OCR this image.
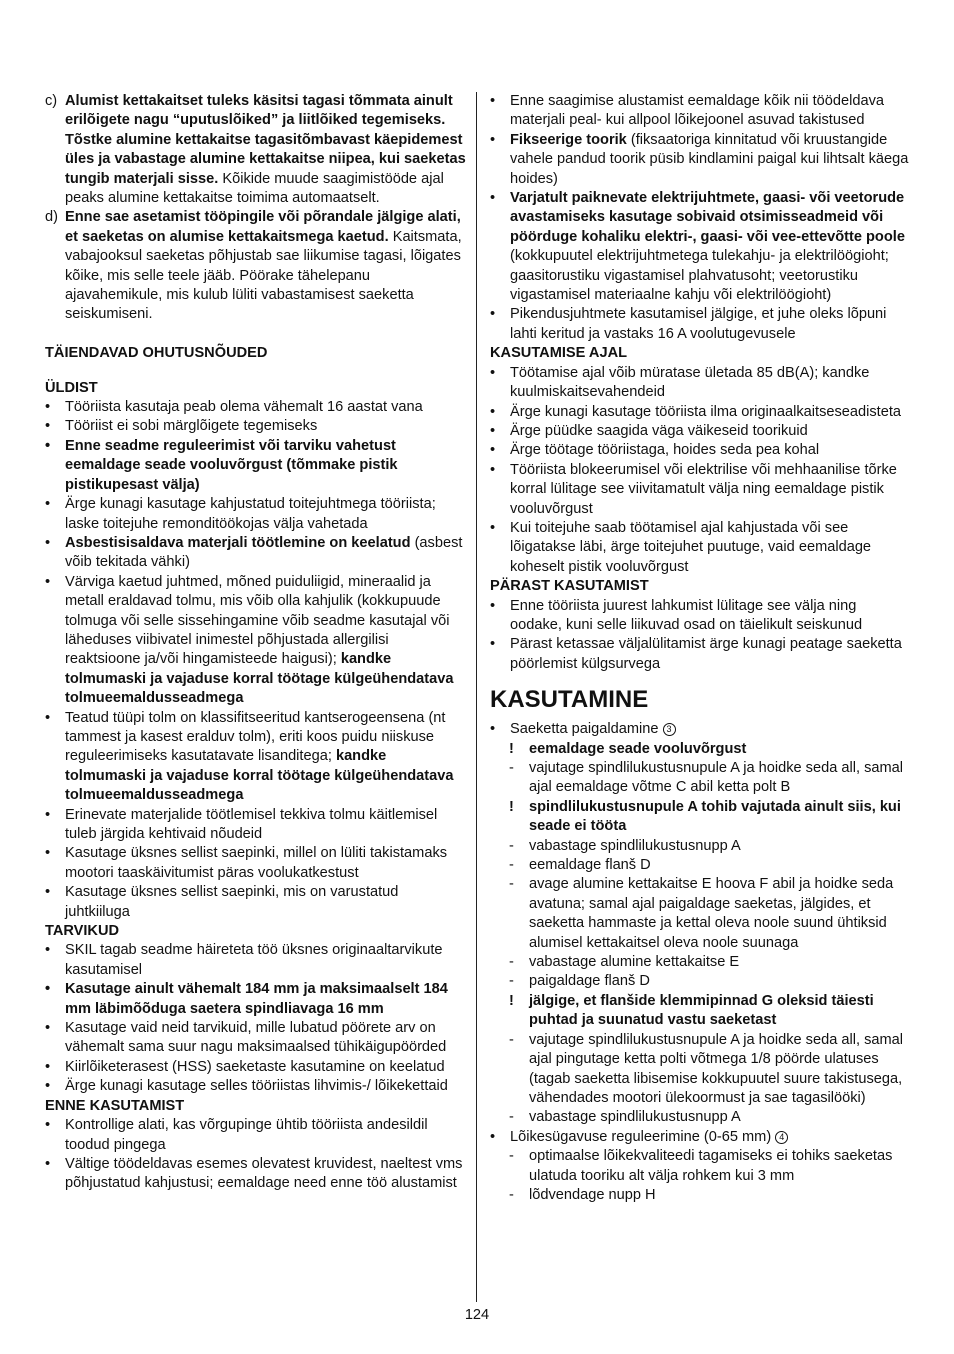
c) Alumist kettakaitset tuleks käsitsi tagasi tõmmata ainult erilõigete nagu “uputuslõiked” ja liitlõiked tegemiseks. Tõstke alumine kettakaitse tagasitõmbavast käepidemest üles ja vabastage alumine kettakaitse niipea, kui saeketas tungib materjali sisse. Kõikide muude saagimistööde ajal peaks alumine kettakaitse toimima automaatselt.
d) Enne sae asetamist tööpingile või põrandale jälgige alati, et saeketas on alumise kettakaitsmega kaetud. Kaitsmata, vabajooksul saeketas põhjustab sae liikumise tagasi, lõigates kõike, mis selle teele jääb. Pöörake tähelepanu ajavahemikule, mis kulub lüliti vabastamisest saeketta seiskumiseni.
TÄIENDAVAD OHUTUSNÕUDED
ÜLDIST
• Tööriista kasutaja peab olema vähemalt 16 aastat vana
• Tööriist ei sobi märglõigete tegemiseks
• Enne seadme reguleerimist või tarviku vahetust eemaldage seade vooluvõrgust (tõmmake pistik pistikupesast välja)
• Ärge kunagi kasutage kahjustatud toitejuhtmega tööriista; laske toitejuhe remonditöökojas välja vahetada
• Asbestisisaldava materjali töötlemine on keelatud (asbest võib tekitada vähki)
• Värviga kaetud juhtmed, mõned puiduliigid, mineraalid ja metall eraldavad tolmu, mis võib olla kahjulik (kokkupuude tolmuga või selle sissehingamine võib seadme kasutajal või läheduses viibivatel inimestel põhjustada allergilisi reaktsioone ja/või hingamisteede haigusi); kandke tolmumaski ja vajaduse korral töötage külgeühendatava tolmueemaldusseadmega
• Teatud tüüpi tolm on klassifitseeritud kantserogeensena (nt tammest ja kasest eralduv tolm), eriti koos puidu niiskuse reguleerimiseks kasutatavate lisanditega; kandke tolmumaski ja vajaduse korral töötage külgeühendatava tolmueemaldusseadmega
• Erinevate materjalide töötlemisel tekkiva tolmu käitlemisel tuleb järgida kehtivaid nõudeid
• Kasutage üksnes sellist saepinki, millel on lüliti takistamaks mootori taaskäivitumist päras voolukatkestust
• Kasutage üksnes sellist saepinki, mis on varustatud juhtkiiluga
TARVIKUD
• SKIL tagab seadme häireteta töö üksnes originaaltarvikute kasutamisel
• Kasutage ainult vähemalt 184 mm ja maksimaalselt 184 mm läbimõõduga saetera spindliavaga 16 mm
• Kasutage vaid neid tarvikuid, mille lubatud pöörete arv on vähemalt sama suur nagu maksimaalsed tühikäigupöörded
• Kiirlõiketerasest (HSS) saeketaste kasutamine on keelatud
• Ärge kunagi kasutage selles tööriistas lihvimis-/ lõikekettaid
ENNE KASUTAMIST
• Kontrollige alati, kas võrgupinge ühtib tööriista andesildil toodud pingega
• Vältige töödeldavas esemes olevatest kruvidest, naeltest vms põhjustatud kahjustusi; eemaldage need enne töö alustamist
• Enne saagimise alustamist eemaldage kõik nii töödeldava materjali peal- kui allpool lõikejoonel asuvad takistused
• Fikseerige toorik (fiksaatoriga kinnitatud või kruustangide vahele pandud toorik püsib kindlamini paigal kui lihtsalt käega hoides)
• Varjatult paiknevate elektrijuhtmete, gaasi- või veetorude avastamiseks kasutage sobivaid otsimisseadmeid või pöörduge kohaliku elektri-, gaasi- või vee-ettevõtte poole (kokkupuutel elektrijuhtmetega tulekahju- ja elektrilöögioht; gaasitorustiku vigastamisel plahvatusoht; veetorustiku vigastamisel materiaalne kahju või elektrilöögioht)
• Pikendusjuhtmete kasutamisel jälgige, et juhe oleks lõpuni lahti keritud ja vastaks 16 A voolutugevusele
KASUTAMISE AJAL
• Töötamise ajal võib müratase ületada 85 dB(A); kandke kuulmiskaitsevahendeid
• Ärge kunagi kasutage tööriista ilma originaalkaitseseadisteta
• Ärge püüdke saagida väga väikeseid toorikuid
• Ärge töötage tööriistaga, hoides seda pea kohal
• Tööriista blokeerumisel või elektrilise või mehhaanilise tõrke korral lülitage see viivitamatult välja ning eemaldage pistik vooluvõrgust
• Kui toitejuhe saab töötamisel ajal kahjustada või see lõigatakse läbi, ärge toitejuhet puutuge, vaid eemaldage koheselt pistik vooluvõrgust
PÄRAST KASUTAMIST
• Enne tööriista juurest lahkumist lülitage see välja ning oodake, kuni selle liikuvad osad on täielikult seiskunud
• Pärast ketassae väljalülitamist ärge kunagi peatage saeketta pöörlemist külgsurvega
KASUTAMINE
• Saeketta paigaldamine 3
! eemaldage seade vooluvõrgust
- vajutage spindlilukustusnupule A ja hoidke seda all, samal ajal eemaldage võtme C abil ketta polt B
! spindlilukustusnupule A tohib vajutada ainult siis, kui seade ei tööta
- vabastage spindlilukustusnupp A
- eemaldage flanš D
- avage alumine kettakaitse E hoova F abil ja hoidke seda avatuna; samal ajal paigaldage saeketas, jälgides, et saeketta hammaste ja kettal oleva noole suund ühtiksid alumisel kettakaitsel oleva noole suunaga
- vabastage alumine kettakaitse E
- paigaldage flanš D
! jälgige, et flanšide klemmipinnad G oleksid täiesti puhtad ja suunatud vastu saeketast
- vajutage spindlilukustusnupule A ja hoidke seda all, samal ajal pingutage ketta polti võtmega 1/8 pöörde ulatuses (tagab saeketta libisemise kokkupuutel suure takistusega, vähendades mootori ülekoormust ja sae tagasilööki)
- vabastage spindlilukustusnupp A
• Lõikesügavuse reguleerimine (0-65 mm) 4
- optimaalse lõikekvaliteedi tagamiseks ei tohiks saeketas ulatuda tooriku alt välja rohkem kui 3 mm
- lõdvendage nupp H
124
